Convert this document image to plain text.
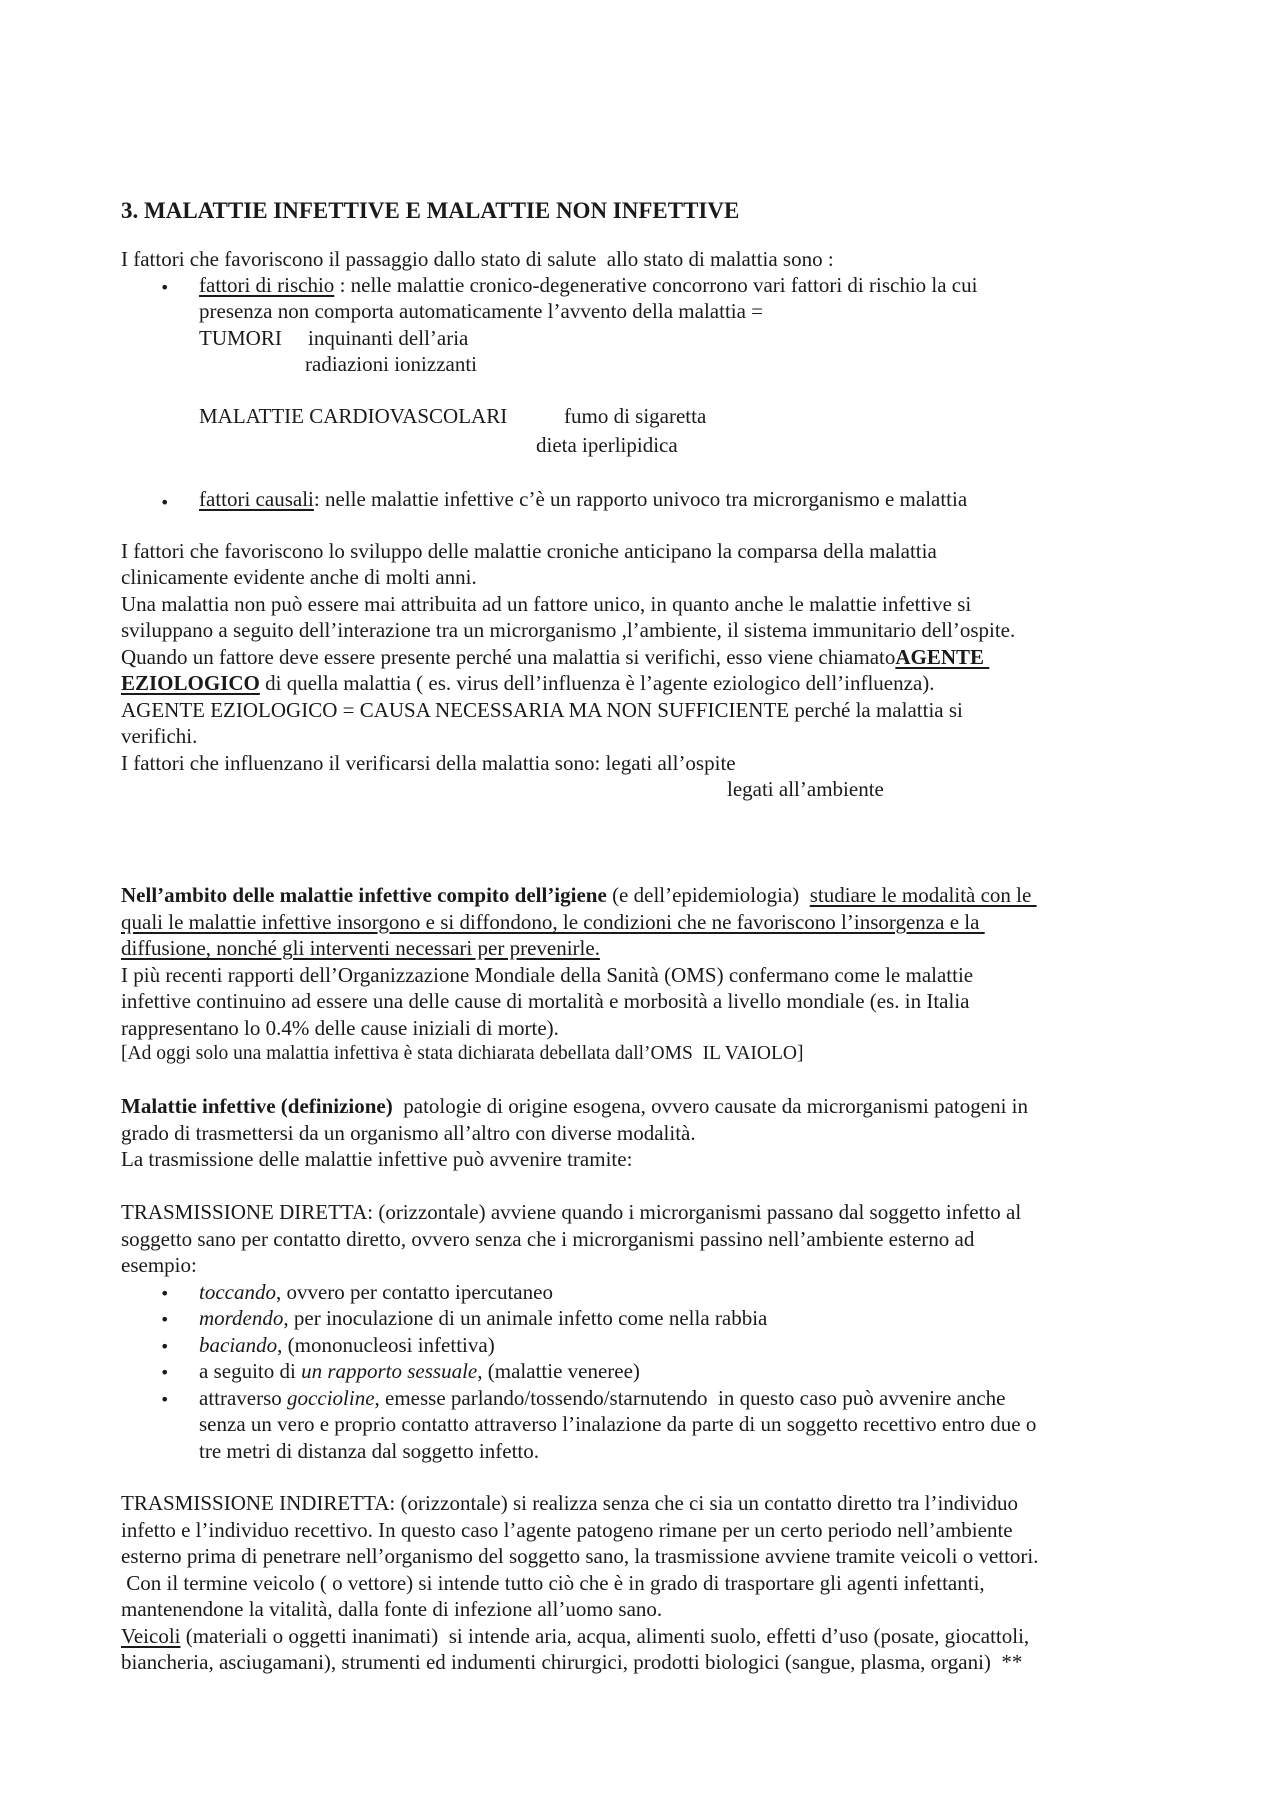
3. MALATTIE INFETTIVE E MALATTIE NON INFETTIVE
I fattori che favoriscono il passaggio dallo stato di salute  allo stato di malattia sono :
• fattori di rischio : nelle malattie cronico-degenerative concorrono vari fattori di rischio la cui
presenza non comporta automaticamente l’avvento della malattia =
TUMORI inquinanti dell’aria
radiazioni ionizzanti
MALATTIE CARDIOVASCOLARI	fumo di sigaretta
dieta iperlipidica
• fattori causali: nelle malattie infettive c’è un rapporto univoco tra microrganismo e malattia
I fattori che favoriscono lo sviluppo delle malattie croniche anticipano la comparsa della malattia
clinicamente evidente anche di molti anni.
Una malattia non può essere mai attribuita ad un fattore unico, in quanto anche le malattie infettive si
sviluppano a seguito dell’interazione tra un microrganismo ,l’ambiente, il sistema immunitario dell’ospite.
Quando un fattore deve essere presente perché una malattia si verifichi, esso viene chiamatoAGENTE
EZIOLOGICO di quella malattia ( es. virus dell’influenza è l’agente eziologico dell’influenza).
AGENTE EZIOLOGICO = CAUSA NECESSARIA MA NON SUFFICIENTE perché la malattia si
verifichi.
I fattori che influenzano il verificarsi della malattia sono: legati all’ospite
legati all’ambiente
Nell’ambito delle malattie infettive compito dell’igiene (e dell’epidemiologia)  studiare le modalità con le
quali le malattie infettive insorgono e si diffondono, le condizioni che ne favoriscono l’insorgenza e la
diffusione, nonché gli interventi necessari per prevenirle.
I più recenti rapporti dell’Organizzazione Mondiale della Sanità (OMS) confermano come le malattie
infettive continuino ad essere una delle cause di mortalità e morbosità a livello mondiale (es. in Italia
rappresentano lo 0.4% delle cause iniziali di morte).
[Ad oggi solo una malattia infettiva è stata dichiarata debellata dall’OMS  IL VAIOLO]
Malattie infettive (definizione)  patologie di origine esogena, ovvero causate da microrganismi patogeni in
grado di trasmettersi da un organismo all’altro con diverse modalità.
La trasmissione delle malattie infettive può avvenire tramite:
TRASMISSIONE DIRETTA: (orizzontale) avviene quando i microrganismi passano dal soggetto infetto al
soggetto sano per contatto diretto, ovvero senza che i microrganismi passino nell’ambiente esterno ad
esempio:
• toccando, ovvero per contatto ipercutaneo
• mordendo, per inoculazione di un animale infetto come nella rabbia
• baciando, (mononucleosi infettiva)
• a seguito di un rapporto sessuale, (malattie veneree)
• attraverso goccioline, emesse parlando/tossendo/starnutendo  in questo caso può avvenire anche
senza un vero e proprio contatto attraverso l’inalazione da parte di un soggetto recettivo entro due o
tre metri di distanza dal soggetto infetto.
TRASMISSIONE INDIRETTA: (orizzontale) si realizza senza che ci sia un contatto diretto tra l’individuo
infetto e l’individuo recettivo. In questo caso l’agente patogeno rimane per un certo periodo nell’ambiente
esterno prima di penetrare nell’organismo del soggetto sano, la trasmissione avviene tramite veicoli o vettori.
Con il termine veicolo ( o vettore) si intende tutto ciò che è in grado di trasportare gli agenti infettanti,
mantenendone la vitalità, dalla fonte di infezione all’uomo sano.
Veicoli (materiali o oggetti inanimati)  si intende aria, acqua, alimenti suolo, effetti d’uso (posate, giocattoli,
biancheria, asciugamani), strumenti ed indumenti chirurgici, prodotti biologici (sangue, plasma, organi)  **
